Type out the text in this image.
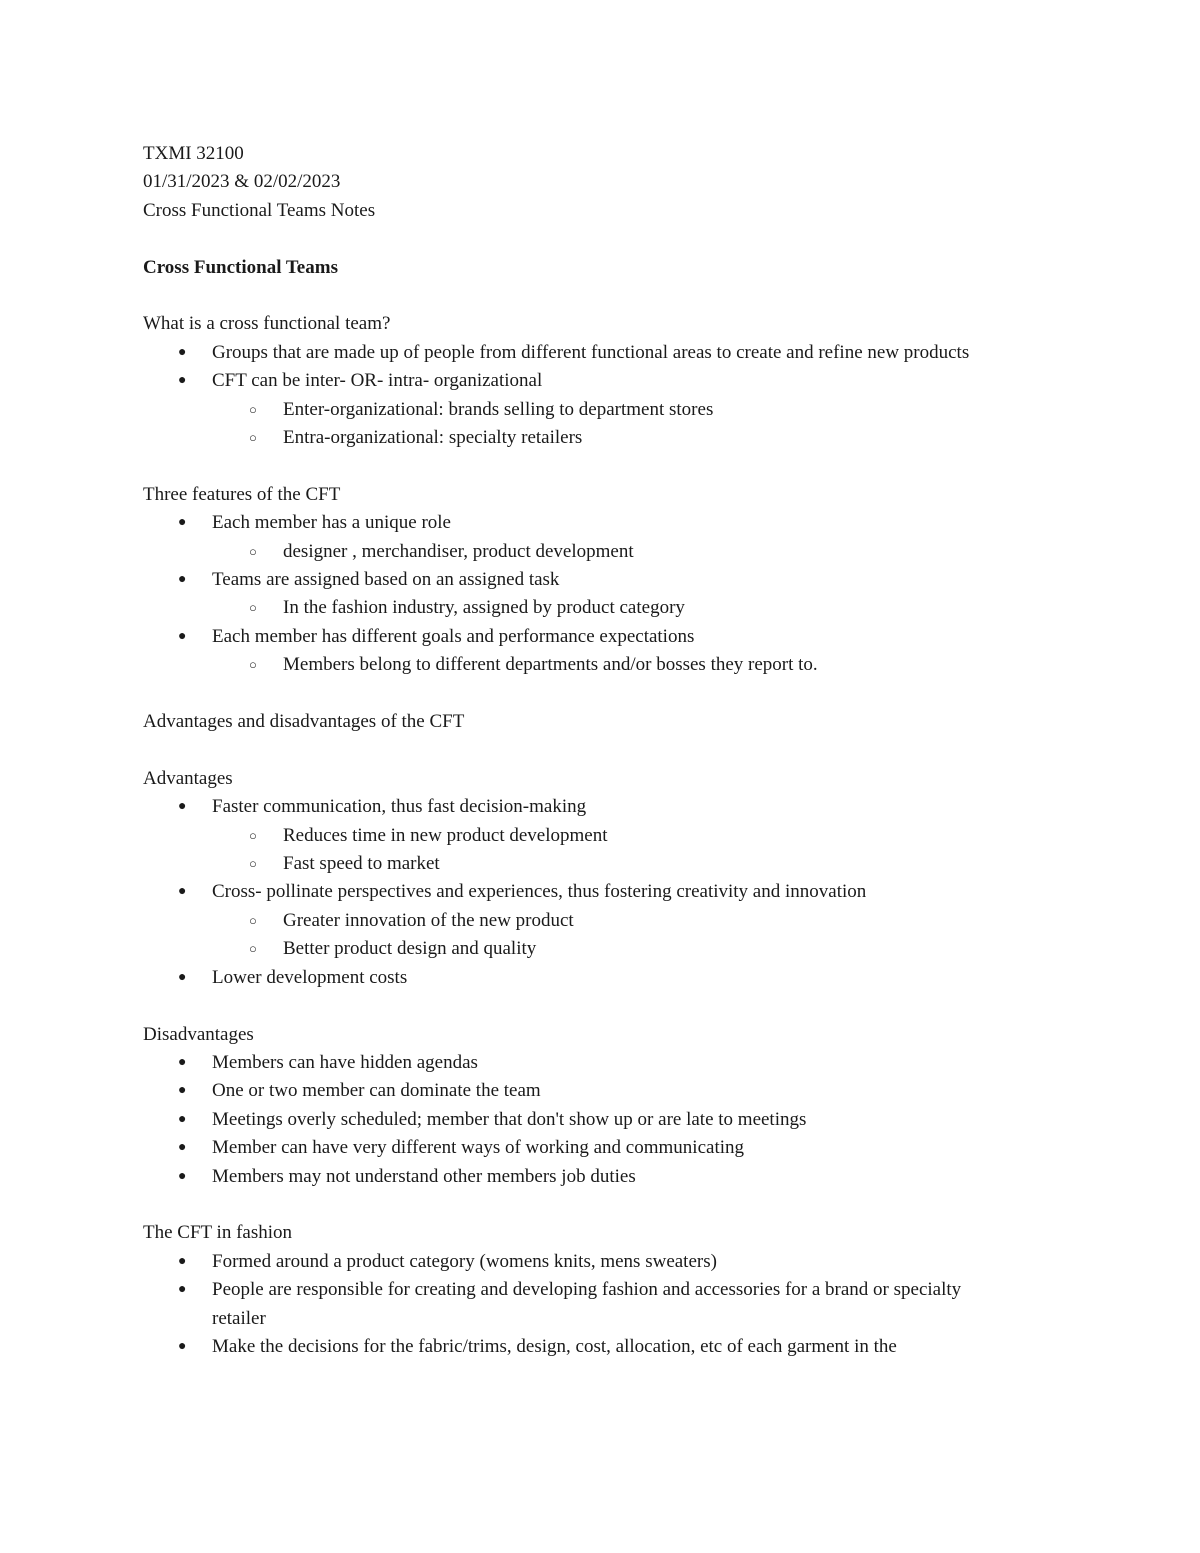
TXMI 32100

01/31/2023 & 02/02/2023

Cross Functional Teams Notes

Cross Functional Teams

What is a cross functional team?

● Groups that are made up of people from different functional areas to create and refine new products
● CFT can be inter- OR- intra- organizational
○ Enter-organizational: brands selling to department stores
○ Entra-organizational: specialty retailers

Three features of the CFT

● Each member has a unique role
○ designer , merchandiser, product development
● Teams are assigned based on an assigned task
○ In the fashion industry, assigned by product category
● Each member has different goals and performance expectations
○ Members belong to different departments and/or bosses they report to.

Advantages and disadvantages of the CFT

Advantages

● Faster communication, thus fast decision-making
○ Reduces time in new product development
○ Fast speed to market
● Cross- pollinate perspectives and experiences, thus fostering creativity and innovation
○ Greater innovation of the new product
○ Better product design and quality
● Lower development costs

Disadvantages

● Members can have hidden agendas
● One or two member can dominate the team
● Meetings overly scheduled; member that don't show up or are late to meetings
● Member can have very different ways of working and communicating
● Members may not understand other members job duties

The CFT in fashion

● Formed around a product category (womens knits, mens sweaters)
● People are responsible for creating and developing fashion and accessories for a brand or specialty retailer
● Make the decisions for the fabric/trims, design, cost, allocation, etc of each garment in the
